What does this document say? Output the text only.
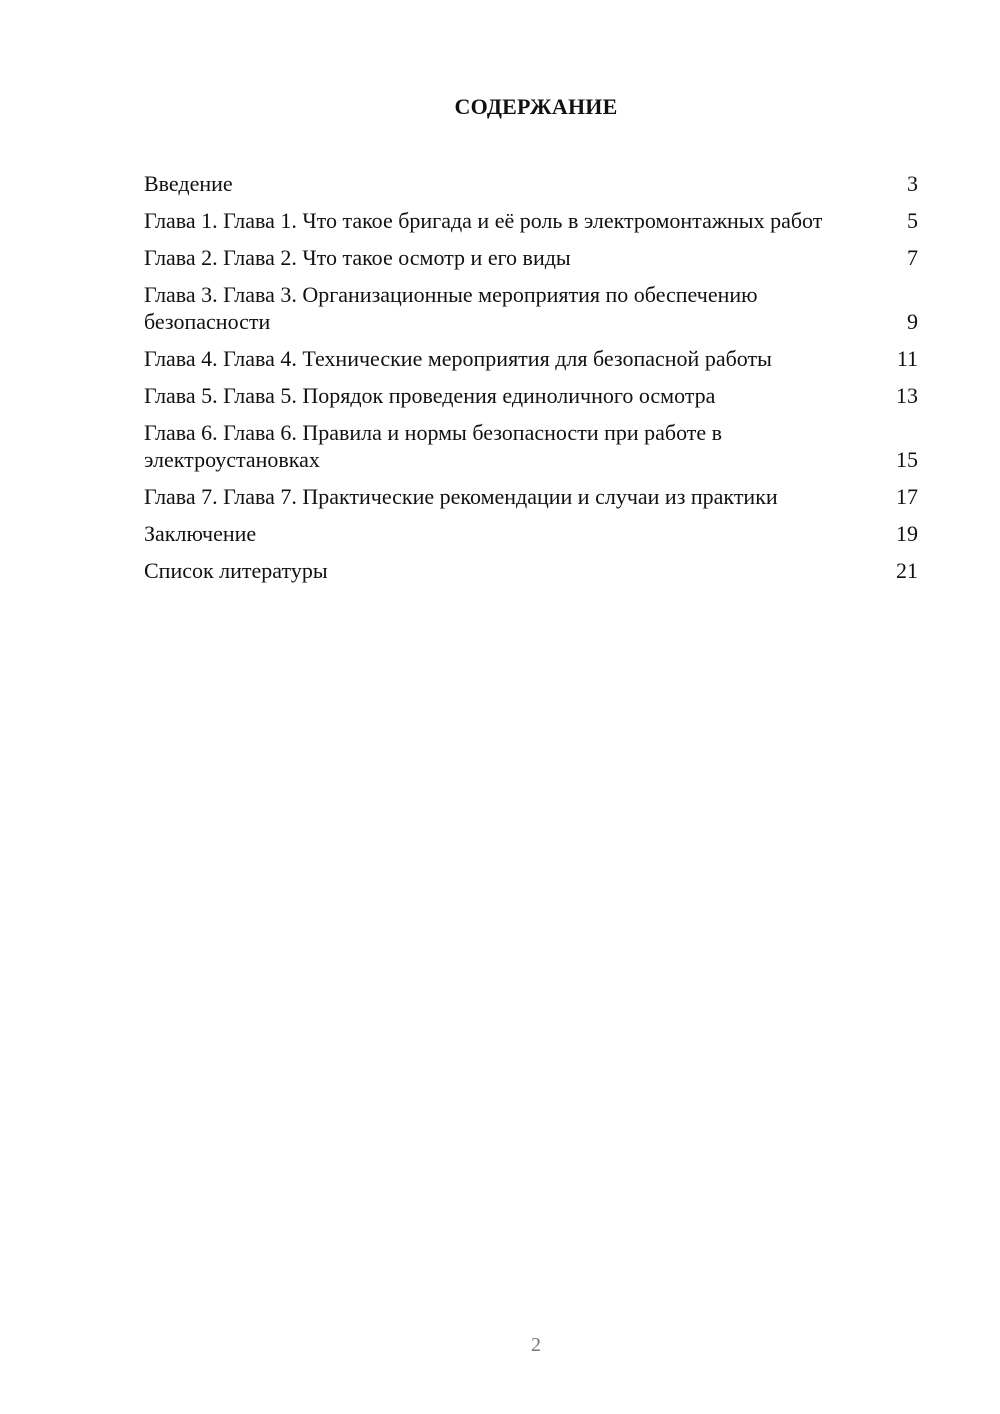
СОДЕРЖАНИЕ
Введение	3
Глава 1. Глава 1. Что такое бригада и её роль в электромонтажных работ	5
Глава 2. Глава 2. Что такое осмотр и его виды	7
Глава 3. Глава 3. Организационные мероприятия по обеспечению безопасности	9
Глава 4. Глава 4. Технические мероприятия для безопасной работы	11
Глава 5. Глава 5. Порядок проведения единоличного осмотра	13
Глава 6. Глава 6. Правила и нормы безопасности при работе в электроустановках	15
Глава 7. Глава 7. Практические рекомендации и случаи из практики	17
Заключение	19
Список литературы	21
2
